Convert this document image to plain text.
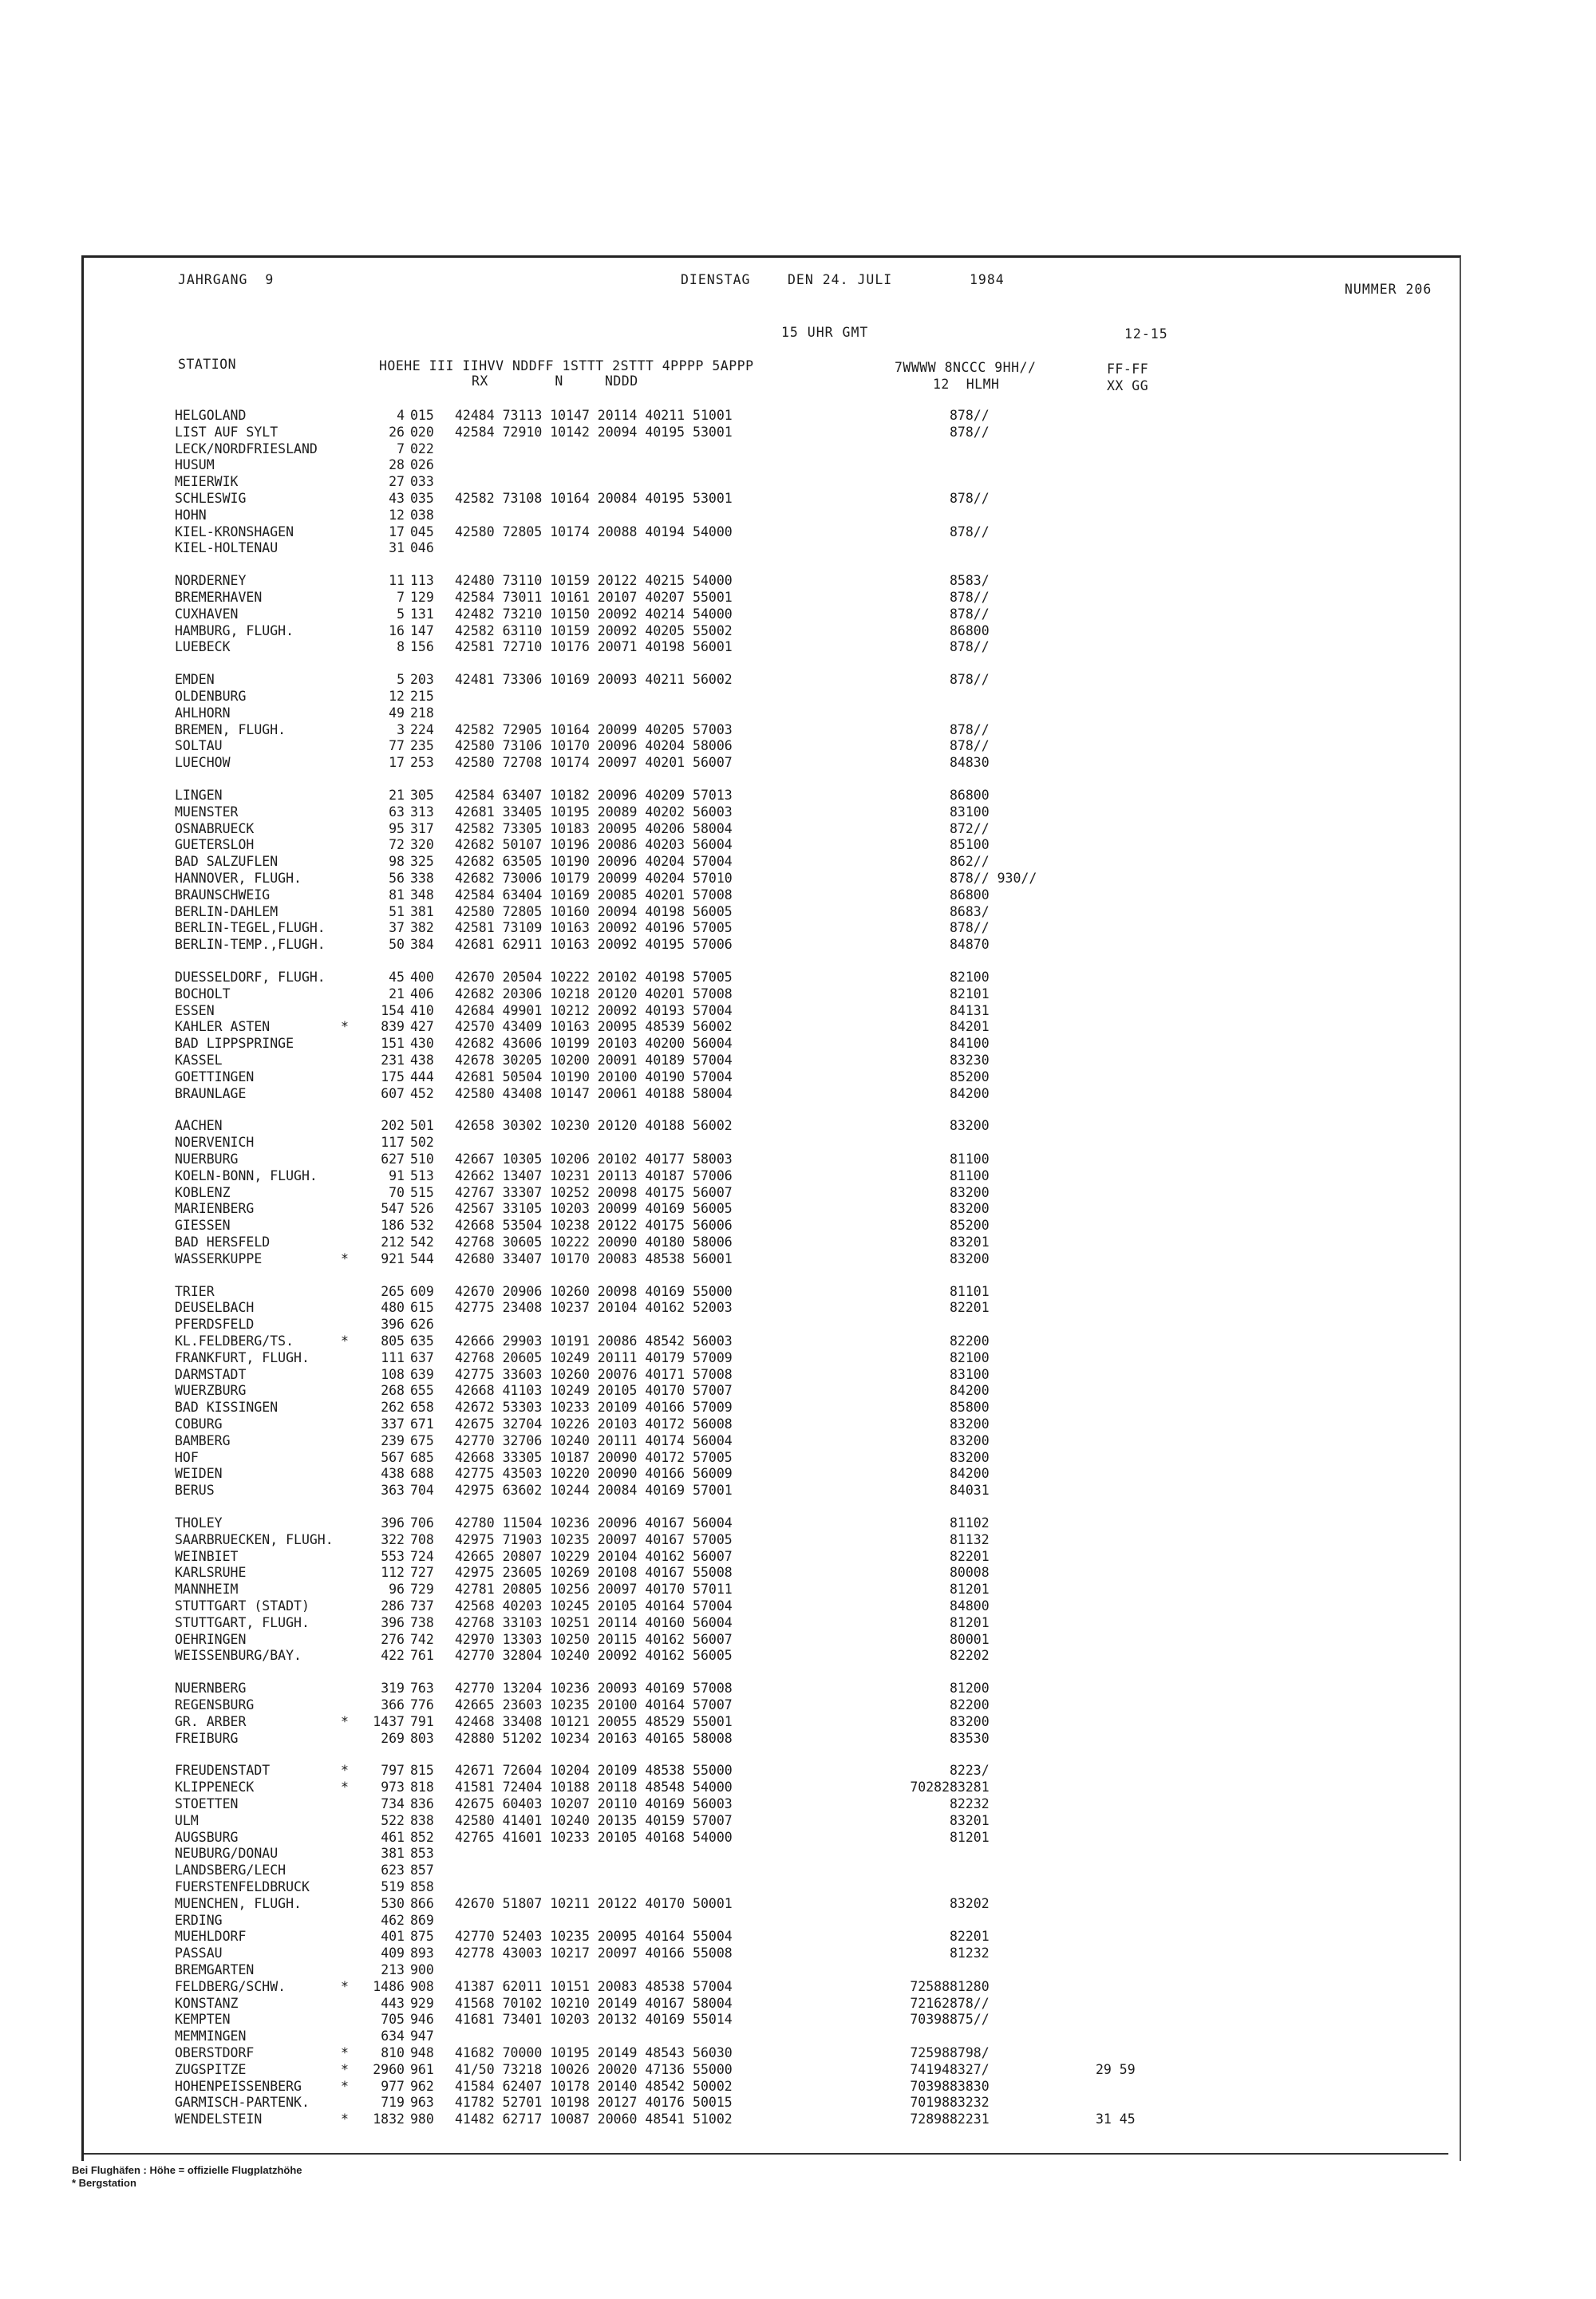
JAHRGANG  9	DIENSTAG	DEN 24. JULI	1984
NUMMER 206
15 UHR GMT	12-15
STATION	HOEHE III IIHVV NDDFF 1STTT 2STTT 4PPPP 5APPP	7WWWW 8NCCC 9HH//	FF-FF
RX        N     NDDD	12  HLMH	XX GG
HELGOLAND	4 015 42484 73113 10147 20114 40211 51001	878//
LIST AUF SYLT	26 020 42584 72910 10142 20094 40195 53001	878//
LECK/NORDFRIESLAND	7 022
HUSUM	28 026
MEIERWIK	27 033
SCHLESWIG	43 035 42582 73108 10164 20084 40195 53001	878//
HOHN	12 038
KIEL-KRONSHAGEN	17 045 42580 72805 10174 20088 40194 54000	878//
KIEL-HOLTENAU	31 046
NORDERNEY	11 113 42480 73110 10159 20122 40215 54000	8583/
BREMERHAVEN	7 129 42584 73011 10161 20107 40207 55001	878//
CUXHAVEN	5 131 42482 73210 10150 20092 40214 54000	878//
HAMBURG, FLUGH.	16 147 42582 63110 10159 20092 40205 55002	86800
LUEBECK	8 156 42581 72710 10176 20071 40198 56001	878//
EMDEN	5 203 42481 73306 10169 20093 40211 56002	878//
OLDENBURG	12 215
AHLHORN	49 218
BREMEN, FLUGH.	3 224 42582 72905 10164 20099 40205 57003	878//
SOLTAU	77 235 42580 73106 10170 20096 40204 58006	878//
LUECHOW	17 253 42580 72708 10174 20097 40201 56007	84830
LINGEN	21 305 42584 63407 10182 20096 40209 57013	86800
MUENSTER	63 313 42681 33405 10195 20089 40202 56003	83100
OSNABRUECK	95 317 42582 73305 10183 20095 40206 58004	872//
GUETERSLOH	72 320 42682 50107 10196 20086 40203 56004	85100
BAD SALZUFLEN	98 325 42682 63505 10190 20096 40204 57004	862//
HANNOVER, FLUGH.	56 338 42682 73006 10179 20099 40204 57010	878// 930//
BRAUNSCHWEIG	81 348 42584 63404 10169 20085 40201 57008	86800
BERLIN-DAHLEM	51 381 42580 72805 10160 20094 40198 56005	8683/
BERLIN-TEGEL,FLUGH.	37 382 42581 73109 10163 20092 40196 57005	878//
BERLIN-TEMP.,FLUGH.	50 384 42681 62911 10163 20092 40195 57006	84870
DUESSELDORF, FLUGH.	45 400 42670 20504 10222 20102 40198 57005	82100
BOCHOLT	21 406 42682 20306 10218 20120 40201 57008	82101
ESSEN	154 410 42684 49901 10212 20092 40193 57004	84131
KAHLER ASTEN	*	839 427 42570 43409 10163 20095 48539 56002	84201
BAD LIPPSPRINGE	151 430 42682 43606 10199 20103 40200 56004	84100
KASSEL	231 438 42678 30205 10200 20091 40189 57004	83230
GOETTINGEN	175 444 42681 50504 10190 20100 40190 57004	85200
BRAUNLAGE	607 452 42580 43408 10147 20061 40188 58004	84200
AACHEN	202 501 42658 30302 10230 20120 40188 56002	83200
NOERVENICH	117 502
NUERBURG	627 510 42667 10305 10206 20102 40177 58003	81100
KOELN-BONN, FLUGH.	91 513 42662 13407 10231 20113 40187 57006	81100
KOBLENZ	70 515 42767 33307 10252 20098 40175 56007	83200
MARIENBERG	547 526 42567 33105 10203 20099 40169 56005	83200
GIESSEN	186 532 42668 53504 10238 20122 40175 56006	85200
BAD HERSFELD	212 542 42768 30605 10222 20090 40180 58006	83201
WASSERKUPPE	*	921 544 42680 33407 10170 20083 48538 56001	83200
TRIER	265 609 42670 20906 10260 20098 40169 55000	81101
DEUSELBACH	480 615 42775 23408 10237 20104 40162 52003	82201
PFERDSFELD	396 626
KL.FELDBERG/TS.	*	805 635 42666 29903 10191 20086 48542 56003	82200
FRANKFURT, FLUGH.	111 637 42768 20605 10249 20111 40179 57009	82100
DARMSTADT	108 639 42775 33603 10260 20076 40171 57008	83100
WUERZBURG	268 655 42668 41103 10249 20105 40170 57007	84200
BAD KISSINGEN	262 658 42672 53303 10233 20109 40166 57009	85800
COBURG	337 671 42675 32704 10226 20103 40172 56008	83200
BAMBERG	239 675 42770 32706 10240 20111 40174 56004	83200
HOF	567 685 42668 33305 10187 20090 40172 57005	83200
WEIDEN	438 688 42775 43503 10220 20090 40166 56009	84200
BERUS	363 704 42975 63602 10244 20084 40169 57001	84031
THOLEY	396 706 42780 11504 10236 20096 40167 56004	81102
SAARBRUECKEN, FLUGH.	322 708 42975 71903 10235 20097 40167 57005	81132
WEINBIET	553 724 42665 20807 10229 20104 40162 56007	82201
KARLSRUHE	112 727 42975 23605 10269 20108 40167 55008	80008
MANNHEIM	96 729 42781 20805 10256 20097 40170 57011	81201
STUTTGART (STADT)	286 737 42568 40203 10245 20105 40164 57004	84800
STUTTGART, FLUGH.	396 738 42768 33103 10251 20114 40160 56004	81201
OEHRINGEN	276 742 42970 13303 10250 20115 40162 56007	80001
WEISSENBURG/BAY.	422 761 42770 32804 10240 20092 40162 56005	82202
NUERNBERG	319 763 42770 13204 10236 20093 40169 57008	81200
REGENSBURG	366 776 42665 23603 10235 20100 40164 57007	82200
GR. ARBER	*	1437 791 42468 33408 10121 20055 48529 55001	83200
FREIBURG	269 803 42880 51202 10234 20163 40165 58008	83530
FREUDENSTADT	*	797 815 42671 72604 10204 20109 48538 55000	8223/
KLIPPENECK	*	973 818 41581 72404 10188 20118 48548 54000	70282 83281
STOETTEN	734 836 42675 60403 10207 20110 40169 56003	82232
ULM	522 838 42580 41401 10240 20135 40159 57007	83201
AUGSBURG	461 852 42765 41601 10233 20105 40168 54000	81201
NEUBURG/DONAU	381 853
LANDSBERG/LECH	623 857
FUERSTENFELDBRUCK	519 858
MUENCHEN, FLUGH.	530 866 42670 51807 10211 20122 40170 50001	83202
ERDING	462 869
MUEHLDORF	401 875 42770 52403 10235 20095 40164 55004	82201
PASSAU	409 893 42778 43003 10217 20097 40166 55008	81232
BREMGARTEN	213 900
FELDBERG/SCHW.	*	1486 908 41387 62011 10151 20083 48538 57004	72588 81280
KONSTANZ	443 929 41568 70102 10210 20149 40167 58004	72162 878//
KEMPTEN	705 946 41681 73401 10203 20132 40169 55014	70398 875//
MEMMINGEN	634 947
OBERSTDORF	*	810 948 41682 70000 10195 20149 48543 56030	72598 8798/
ZUGSPITZE	*	2960 961 41/50 73218 10026 20020 47136 55000	74194 8327/	29 59
HOHENPEISSENBERG	*	977 962 41584 62407 10178 20140 48542 50002	70398 83830
GARMISCH-PARTENK.	719 963 41782 52701 10198 20127 40176 50015	70198 83232
WENDELSTEIN	*	1832 980 41482 62717 10087 20060 48541 51002	72898 82231	31 45
Bei Flughäfen : Höhe = offizielle Flugplatzhöhe
* Bergstation
